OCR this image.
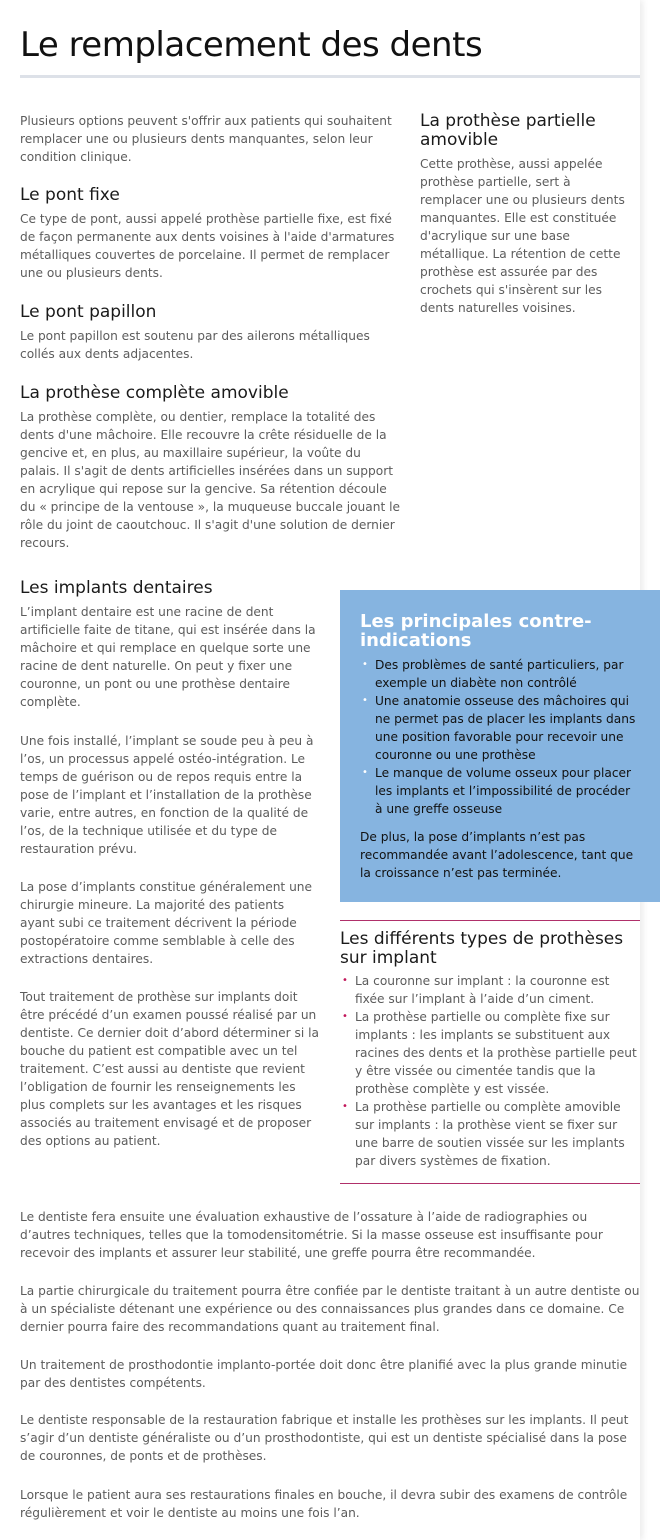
Le remplacement des dents

Plusieurs options peuvent s'offrir aux patients qui souhaitent remplacer une ou plusieurs dents manquantes, selon leur condition clinique.

Le pont fixe

Ce type de pont, aussi appelé prothèse partielle fixe, est fixé de façon permanente aux dents voisines à l'aide d'armatures métalliques couvertes de porcelaine. Il permet de remplacer une ou plusieurs dents.

Le pont papillon

Le pont papillon est soutenu par des ailerons métalliques collés aux dents adjacentes.

La prothèse complète amovible

La prothèse complète, ou dentier, remplace la totalité des dents d'une mâchoire. Elle recouvre la crête résiduelle de la gencive et, en plus, au maxillaire supérieur, la voûte du palais. Il s'agit de dents artificielles insérées dans un support en acrylique qui repose sur la gencive. Sa rétention découle du « principe de la ventouse », la muqueuse buccale jouant le rôle du joint de caoutchouc. Il s'agit d'une solution de dernier recours.

La prothèse partielle amovible

Cette prothèse, aussi appelée prothèse partielle, sert à remplacer une ou plusieurs dents manquantes. Elle est constituée d'acrylique sur une base métallique. La rétention de cette prothèse est assurée par des crochets qui s'insèrent sur les dents naturelles voisines.

Les implants dentaires

L’implant dentaire est une racine de dent artificielle faite de titane, qui est insérée dans la mâchoire et qui remplace en quelque sorte une racine de dent naturelle. On peut y fixer une couronne, un pont ou une prothèse dentaire complète.

Une fois installé, l’implant se soude peu à peu à l’os, un processus appelé ostéo-intégration. Le temps de guérison ou de repos requis entre la pose de l’implant et l’installation de la prothèse varie, entre autres, en fonction de la qualité de l’os, de la technique utilisée et du type de restauration prévu.

La pose d’implants constitue généralement une chirurgie mineure. La majorité des patients ayant subi ce traitement décrivent la période postopératoire comme semblable à celle des extractions dentaires.

Tout traitement de prothèse sur implants doit être précédé d’un examen poussé réalisé par un dentiste. Ce dernier doit d’abord déterminer si la bouche du patient est compatible avec un tel traitement. C’est aussi au dentiste que revient l’obligation de fournir les renseignements les plus complets sur les avantages et les risques associés au traitement envisagé et de proposer des options au patient.

Les principales contre-indications
• Des problèmes de santé particuliers, par exemple un diabète non contrôlé
• Une anatomie osseuse des mâchoires qui ne permet pas de placer les implants dans une position favorable pour recevoir une couronne ou une prothèse
• Le manque de volume osseux pour placer les implants et l’impossibilité de procéder à une greffe osseuse

De plus, la pose d’implants n’est pas recommandée avant l’adolescence, tant que la croissance n’est pas terminée.

Les différents types de prothèses sur implant
• La couronne sur implant : la couronne est fixée sur l’implant à l’aide d’un ciment.
• La prothèse partielle ou complète fixe sur implants : les implants se substituent aux racines des dents et la prothèse partielle peut y être vissée ou cimentée tandis que la prothèse complète y est vissée.
• La prothèse partielle ou complète amovible sur implants : la prothèse vient se fixer sur une barre de soutien vissée sur les implants par divers systèmes de fixation.

Le dentiste fera ensuite une évaluation exhaustive de l’ossature à l’aide de radiographies ou d’autres techniques, telles que la tomodensitométrie. Si la masse osseuse est insuffisante pour recevoir des implants et assurer leur stabilité, une greffe pourra être recommandée.

La partie chirurgicale du traitement pourra être confiée par le dentiste traitant à un autre dentiste ou à un spécialiste détenant une expérience ou des connaissances plus grandes dans ce domaine. Ce dernier pourra faire des recommandations quant au traitement final.

Un traitement de prosthodontie implanto-portée doit donc être planifié avec la plus grande minutie par des dentistes compétents.

Le dentiste responsable de la restauration fabrique et installe les prothèses sur les implants. Il peut s’agir d’un dentiste généraliste ou d’un prosthodontiste, qui est un dentiste spécialisé dans la pose de couronnes, de ponts et de prothèses.

Lorsque le patient aura ses restaurations finales en bouche, il devra subir des examens de contrôle régulièrement et voir le dentiste au moins une fois l’an.
